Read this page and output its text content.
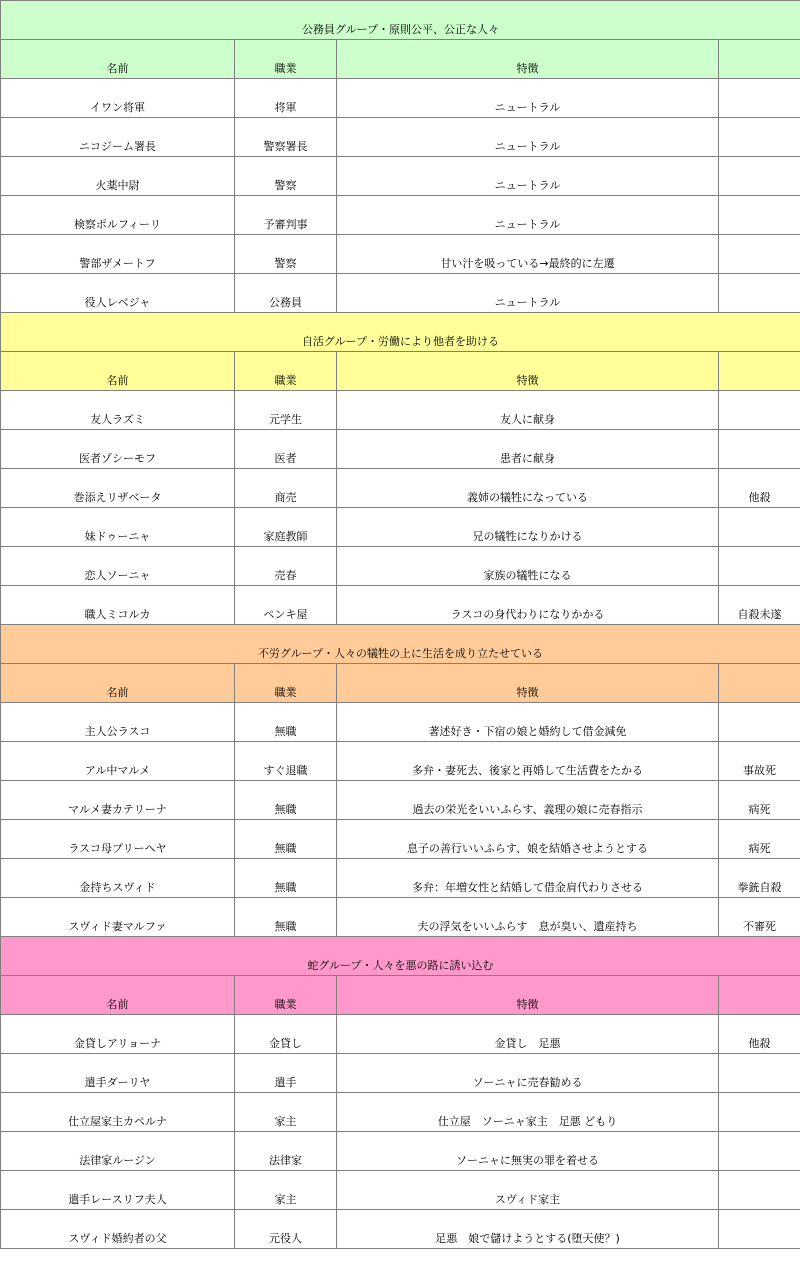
公務員グループ・原則公平、公正な人々			
名前	職業	特徴	
イワン将軍	将軍	ニュートラル	
ニコジーム署長	警察署長	ニュートラル	
火薬中尉	警察	ニュートラル	
検察ポルフィーリ	予審判事	ニュートラル	
警部ザメートフ	警察	甘い汁を吸っている→最終的に左遷	
役人レベジャ	公務員	ニュートラル	
自活グループ・労働により他者を助ける			
名前	職業	特徴	
友人ラズミ	元学生	友人に献身	
医者ゾシーモフ	医者	患者に献身	
巻添えリザベータ	商売	義姉の犠牲になっている	他殺
妹ドゥーニャ	家庭教師	兄の犠牲になりかける	
恋人ソーニャ	売春	家族の犠牲になる	
職人ミコルカ	ペンキ屋	ラスコの身代わりになりかかる	自殺未遂
不労グループ・人々の犠牲の上に生活を成り立たせている			
名前	職業	特徴	
主人公ラスコ	無職	著述好き・下宿の娘と婚約して借金減免	
アル中マルメ	すぐ退職	多弁・妻死去、後家と再婚して生活費をたかる	事故死
マルメ妻カテリーナ	無職	過去の栄光をいいふらす、義理の娘に売春指示	病死
ラスコ母プリーヘヤ	無職	息子の善行いいふらす、娘を結婚させようとする	病死
金持ちスヴィド	無職	多弁：年増女性と結婚して借金肩代わりさせる	拳銃自殺
スヴィド妻マルファ	無職	夫の浮気をいいふらす　息が臭い、遺産持ち	不審死
蛇グループ・人々を悪の路に誘い込む			
名前	職業	特徴	
金貸しアリョーナ	金貸し	金貸し　足悪	他殺
遣手ダーリヤ	遣手	ソーニャに売春勧める	
仕立屋家主カペルナ	家主	仕立屋　ソーニャ家主　足悪 どもり	
法律家ルージン	法律家	ソーニャに無実の罪を着せる	
遣手レースリフ夫人	家主	スヴィド家主	
スヴィド婚約者の父	元役人	足悪　娘で儲けようとする(堕天使？)	
